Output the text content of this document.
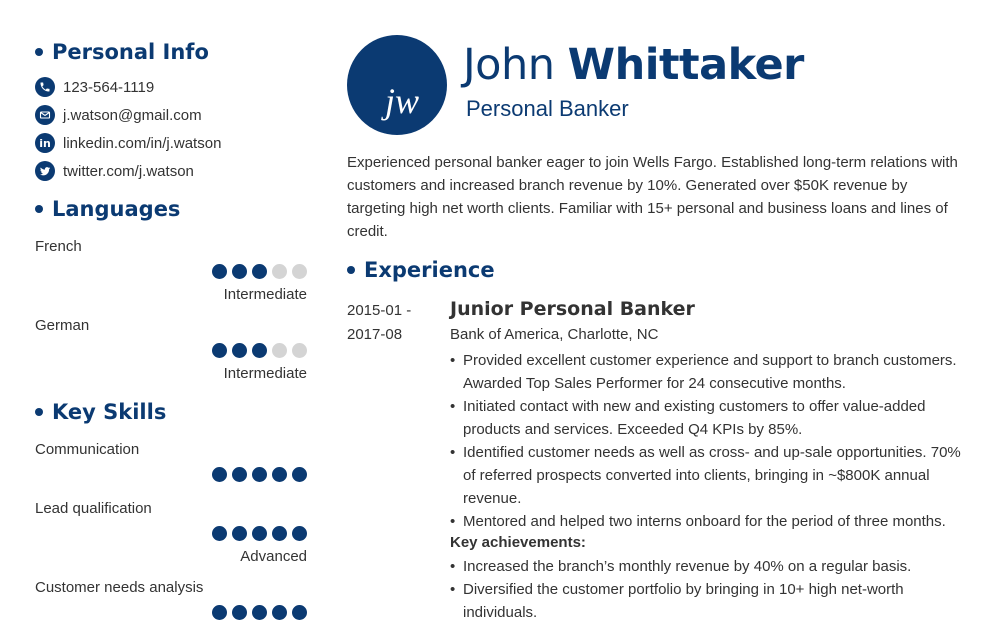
Personal Info
123-564-1119
j.watson@gmail.com
in linkedin.com/in/j.watson
twitter.com/j.watson
Languages
French
Intermediate
German
Intermediate
Key Skills
Communication
Lead qualification
Advanced
Customer needs analysis
jw
John Whittaker
Personal Banker
Experienced personal banker eager to join Wells Fargo. Established long-term relations with customers and increased branch revenue by 10%. Generated over $50K revenue by targeting high net worth clients. Familiar with 15+ personal and business loans and lines of credit.
Experience
2015-01 -
2017-08
Junior Personal Banker
Bank of America, Charlotte, NC
• Provided excellent customer experience and support to branch customers. Awarded Top Sales Performer for 24 consecutive months.
• Initiated contact with new and existing customers to offer value-added products and services. Exceeded Q4 KPIs by 85%.
• Identified customer needs as well as cross- and up-sale opportunities. 70% of referred prospects converted into clients, bringing in ~$800K annual revenue.
• Mentored and helped two interns onboard for the period of three months.
Key achievements:
• Increased the branch’s monthly revenue by 40% on a regular basis.
• Diversified the customer portfolio by bringing in 10+ high net-worth individuals.
